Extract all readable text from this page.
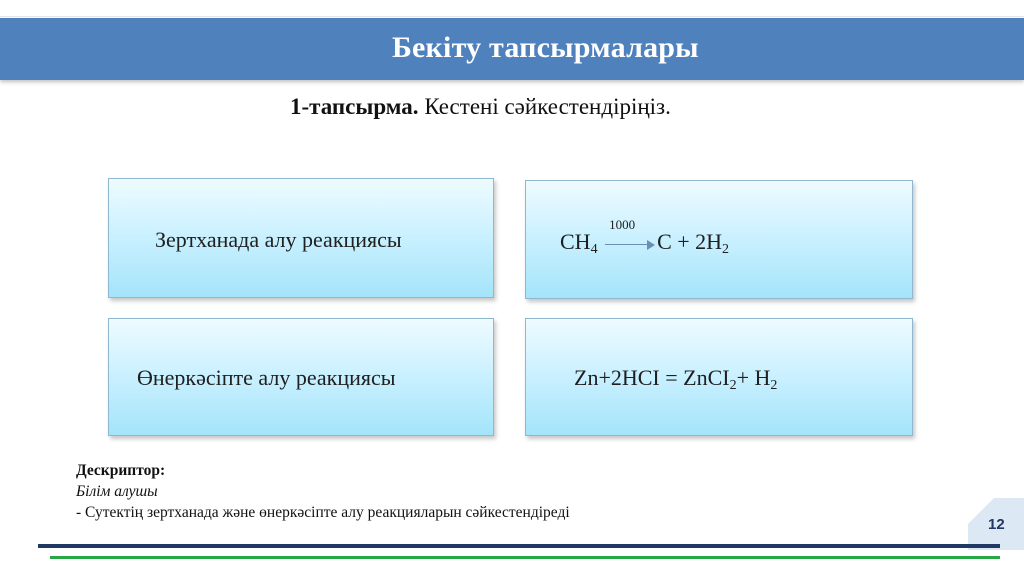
Бекіту тапсырмалары
1-тапсырма. Кестені сәйкестендіріңіз.
Зертханада алу реакциясы	$CH_4$
1000
$C + 2H_2$
Өнеркәсіпте алу реакциясы	Zn+2HCI = ZnCI$_2$+ $H_2$
Дескриптор:
Білім алушы
- Сутектің зертханада және өнеркәсіпте алу реакцияларын сәйкестендіреді
12
